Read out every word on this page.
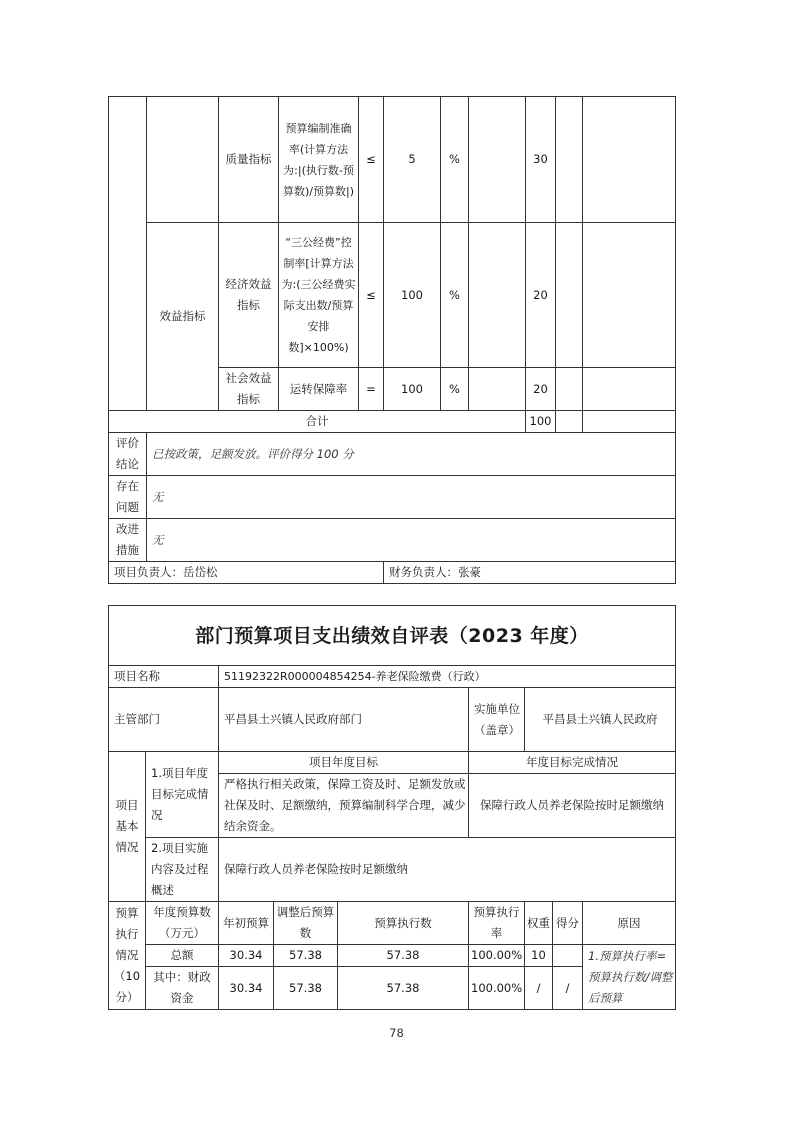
		质量指标	预算编制准确率(计算方法为:|(执行数-预算数)/预算数|)	≤	5	%		30		
	效益指标	经济效益指标	“三公经费”控制率[计算方法为:(三公经费实际支出数/预算安排数]×100%)	≤	100	%		20		
		社会效益指标	运转保障率	=	100	%		20		
合计								100		
评价结论	已按政策，足额发放。评价得分 100 分									
存在问题	无									
改进措施	无									
项目负责人：岳岱松					财务负责人：张豪					
部门预算项目支出绩效自评表（2023 年度）								
项目名称		51192322R000004854254-养老保险缴费（行政）						
主管部门		平昌县土兴镇人民政府部门			实施单位（盖章）	平昌县土兴镇人民政府		
项目基本情况	1.项目年度目标完成情况	项目年度目标			年度目标完成情况			
		严格执行相关政策，保障工资及时、足额发放或社保及时、足额缴纳，预算编制科学合理，减少结余资金。			保障行政人员养老保险按时足额缴纳			
	2.项目实施内容及过程概述	保障行政人员养老保险按时足额缴纳						
预算执行情况（10分）	年度预算数（万元）	年初预算	调整后预算数	预算执行数	预算执行率	权重	得分	原因
	总额	30.34	57.38	57.38	100.00%	10		1.预算执行率=预算执行数/调整后预算
	其中：财政资金	30.34	57.38	57.38	100.00%	/	/	
78
